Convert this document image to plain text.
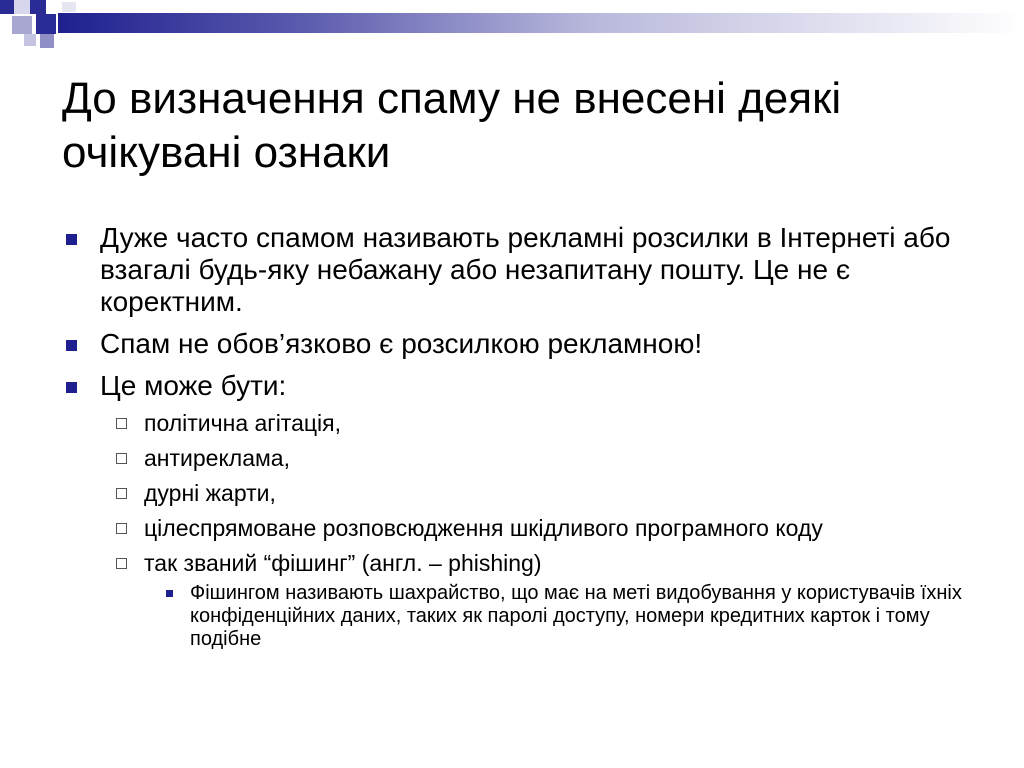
До визначення спаму не внесені деякі очікувані ознаки
Дуже часто спамом називають рекламні розсилки в Інтернеті або взагалі будь-яку небажану або незапитану пошту. Це не є коректним.
Спам не обов’язково є розсилкою рекламною!
Це може бути:
політична агітація,
антиреклама,
дурні жарти,
цілеспрямоване розповсюдження шкідливого програмного коду
так званий “фішинг” (англ. – phishing)
Фішингом називають шахрайство, що має на меті видобування у користувачів їхніх конфіденційних даних, таких як паролі доступу, номери кредитних карток і тому подібне
